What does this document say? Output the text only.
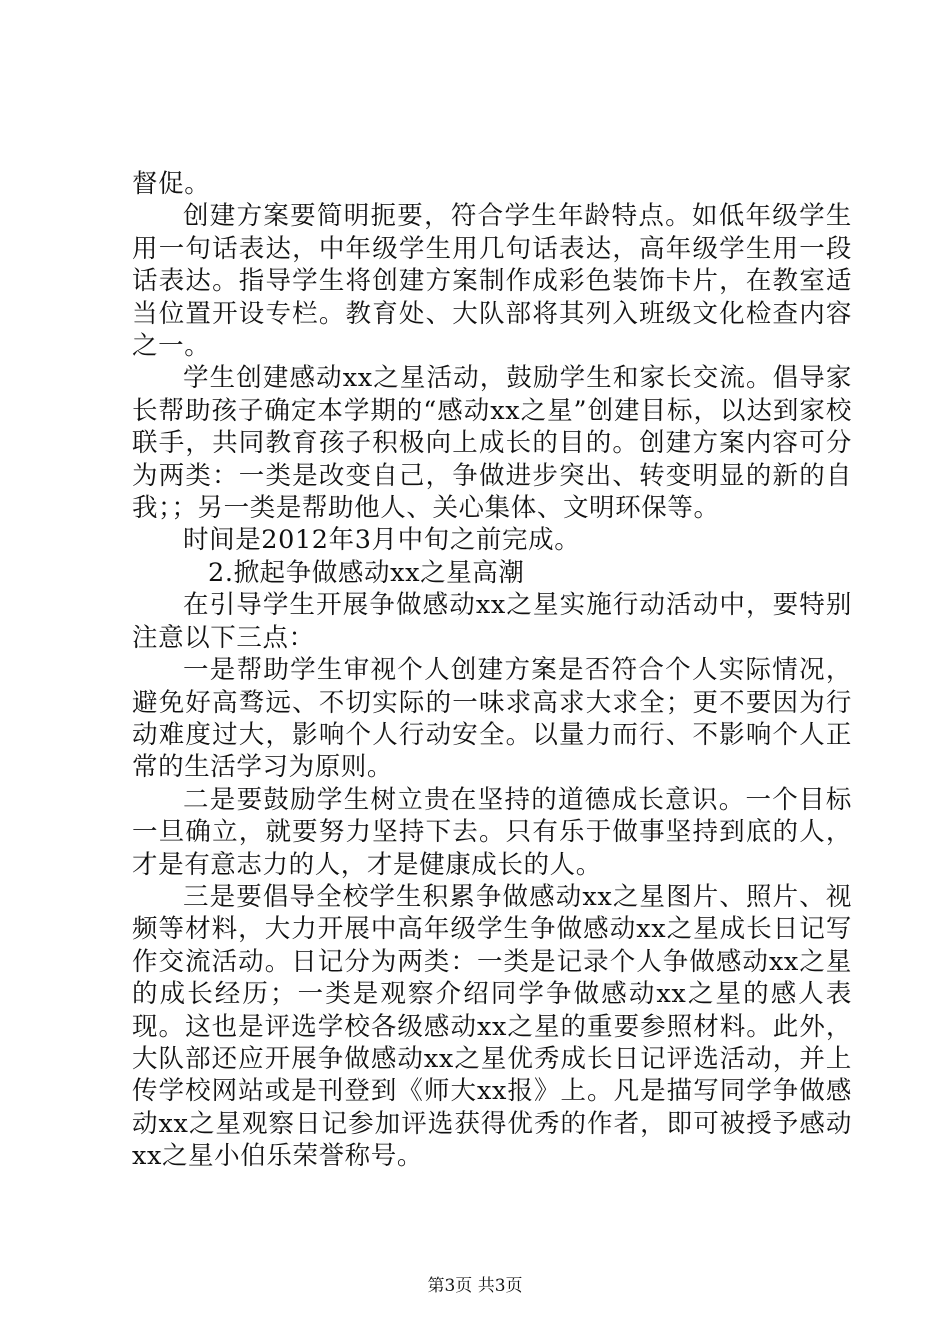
督促。

创建方案要简明扼要，符合学生年龄特点。如低年级学生用一句话表达，中年级学生用几句话表达，高年级学生用一段话表达。指导学生将创建方案制作成彩色装饰卡片，在教室适当位置开设专栏。教育处、大队部将其列入班级文化检查内容之一。

学生创建感动xx之星活动，鼓励学生和家长交流。倡导家长帮助孩子确定本学期的“感动xx之星”创建目标，以达到家校联手，共同教育孩子积极向上成长的目的。创建方案内容可分为两类：一类是改变自己，争做进步突出、转变明显的新的自我；；另一类是帮助他人、关心集体、文明环保等。

时间是2012年3月中旬之前完成。

2.掀起争做感动xx之星高潮

在引导学生开展争做感动xx之星实施行动活动中，要特别注意以下三点：

一是帮助学生审视个人创建方案是否符合个人实际情况，避免好高骛远、不切实际的一味求高求大求全；更不要因为行动难度过大，影响个人行动安全。以量力而行、不影响个人正常的生活学习为原则。

二是要鼓励学生树立贵在坚持的道德成长意识。一个目标一旦确立，就要努力坚持下去。只有乐于做事坚持到底的人，才是有意志力的人，才是健康成长的人。

三是要倡导全校学生积累争做感动xx之星图片、照片、视频等材料，大力开展中高年级学生争做感动xx之星成长日记写作交流活动。日记分为两类：一类是记录个人争做感动xx之星的成长经历；一类是观察介绍同学争做感动xx之星的感人表现。这也是评选学校各级感动xx之星的重要参照材料。此外，大队部还应开展争做感动xx之星优秀成长日记评选活动，并上传学校网站或是刊登到《师大xx报》上。凡是描写同学争做感动xx之星观察日记参加评选获得优秀的作者，即可被授予感动xx之星小伯乐荣誉称号。

第3页 共3页
